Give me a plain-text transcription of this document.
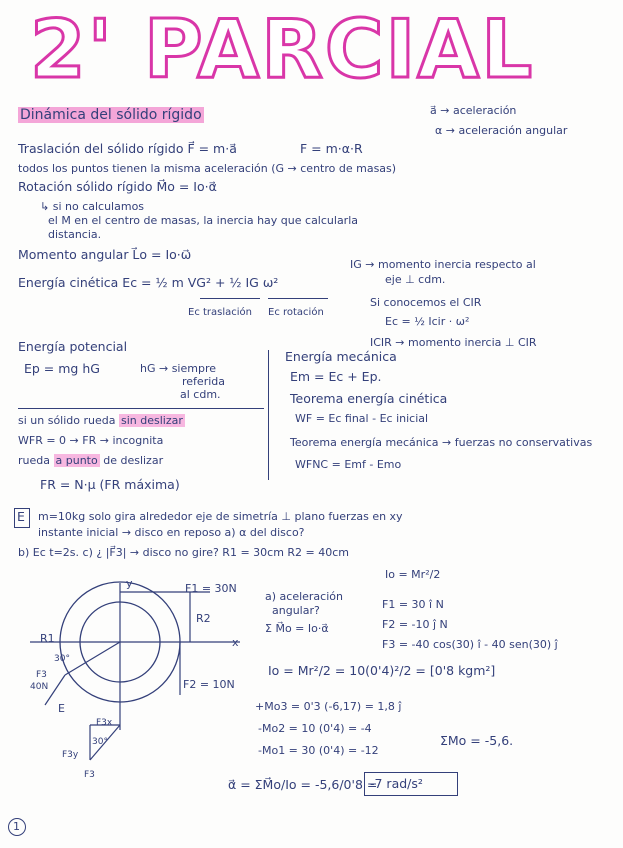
2' PARCIAL
Dinámica del sólido rígido	a⃗ → aceleración
α → aceleración angular
Traslación del sólido rígido F⃗ = m·a⃗	F = m·α·R
todos los puntos tienen la misma aceleración (G → centro de masas)
Rotación sólido rígido M⃗o = Io·α⃗
↳ si no calculamos
el M en el centro de masas, la inercia hay que calcularla
distancia.
Momento angular L⃗o = Io·ω⃗
IG → momento inercia respecto al
eje ⊥ cdm.
Energía cinética Ec = ½ m VG² + ½ IG ω²
Ec traslación Ec rotación
Si conocemos el CIR
Ec = ½ Icir · ω²
ICIR → momento inercia ⊥ CIR
Energía potencial
Ep = mg hG	hG → siempre
referida
al cdm.
Energía mecánica
Em = Ec + Ep.
Teorema energía cinética
WF = Ec final - Ec inicial
Teorema energía mecánica → fuerzas no conservativas
WFNC = Emf - Emo
si un sólido rueda sin deslizar
WFR = 0 → FR → incognita
rueda a punto de deslizar
FR = N·μ (FR máxima)
E m=10kg solo gira alrededor eje de simetría ⊥ plano fuerzas en xy
instante inicial → disco en reposo a) α del disco?
b) Ec t=2s. c) ¿ |F⃗3| → disco no gire? R1 = 30cm R2 = 40cm
Io = Mr²/2
y
x
F1 = 30N
R2
R1
30°
F2 = 10N
F3
40N
E
F3x
F3y
F3
30°
a) aceleración
angular?
Σ M⃗o = Io·α⃗
F1 = 30 î N
F2 = -10 ĵ N
F3 = -40 cos(30) î - 40 sen(30) ĵ
Io = Mr²/2 = 10(0'4)²/2 = [0'8 kgm²]
+Mo3 = 0'3 (-6,17) = 1,8 ĵ
-Mo2 = 10 (0'4) = -4
-Mo1 = 30 (0'4) = -12
ΣMo = -5,6.
α⃗ = ΣM⃗o/Io = -5,6/0'8 =
-7 rad/s²
1
